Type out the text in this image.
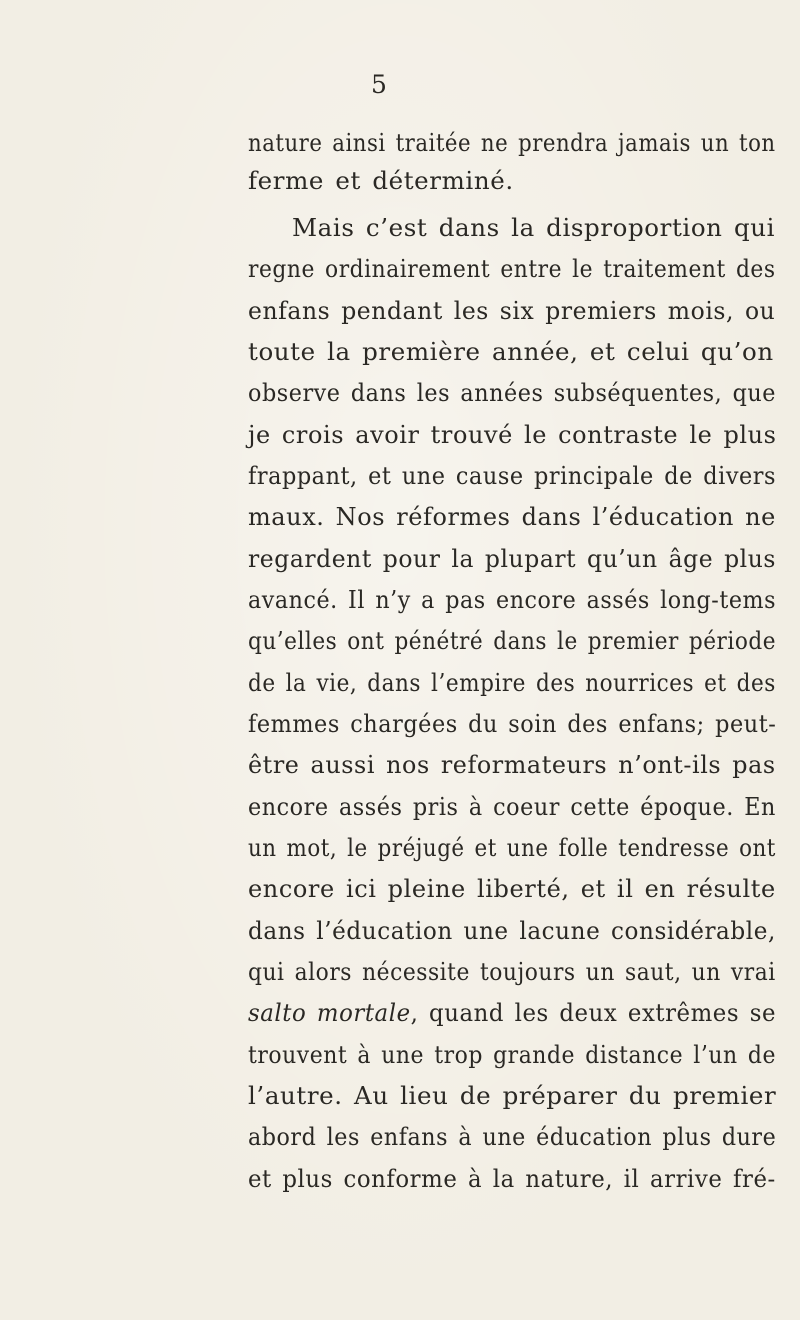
5
nature ainsi traitée ne prendra jamais un ton
ferme et déterminé.
Mais c’est dans la disproportion qui
regne ordinairement entre le traitement des
enfans pendant les six premiers mois, ou
toute la première année, et celui qu’on
observe dans les années subséquentes, que
je crois avoir trouvé le contraste le plus
frappant, et une cause principale de divers
maux. Nos réformes dans l’éducation ne
regardent pour la plupart qu’un âge plus
avancé. Il n’y a pas encore assés long-tems
qu’elles ont pénétré dans le premier période
de la vie, dans l’empire des nourrices et des
femmes chargées du soin des enfans; peut-
être aussi nos reformateurs n’ont-ils pas
encore assés pris à coeur cette époque. En
un mot, le préjugé et une folle tendresse ont
encore ici pleine liberté, et il en résulte
dans l’éducation une lacune considérable,
qui alors nécessite toujours un saut, un vrai
salto mortale, quand les deux extrêmes se
trouvent à une trop grande distance l’un de
l’autre. Au lieu de préparer du premier
abord les enfans à une éducation plus dure
et plus conforme à la nature, il arrive fré-
